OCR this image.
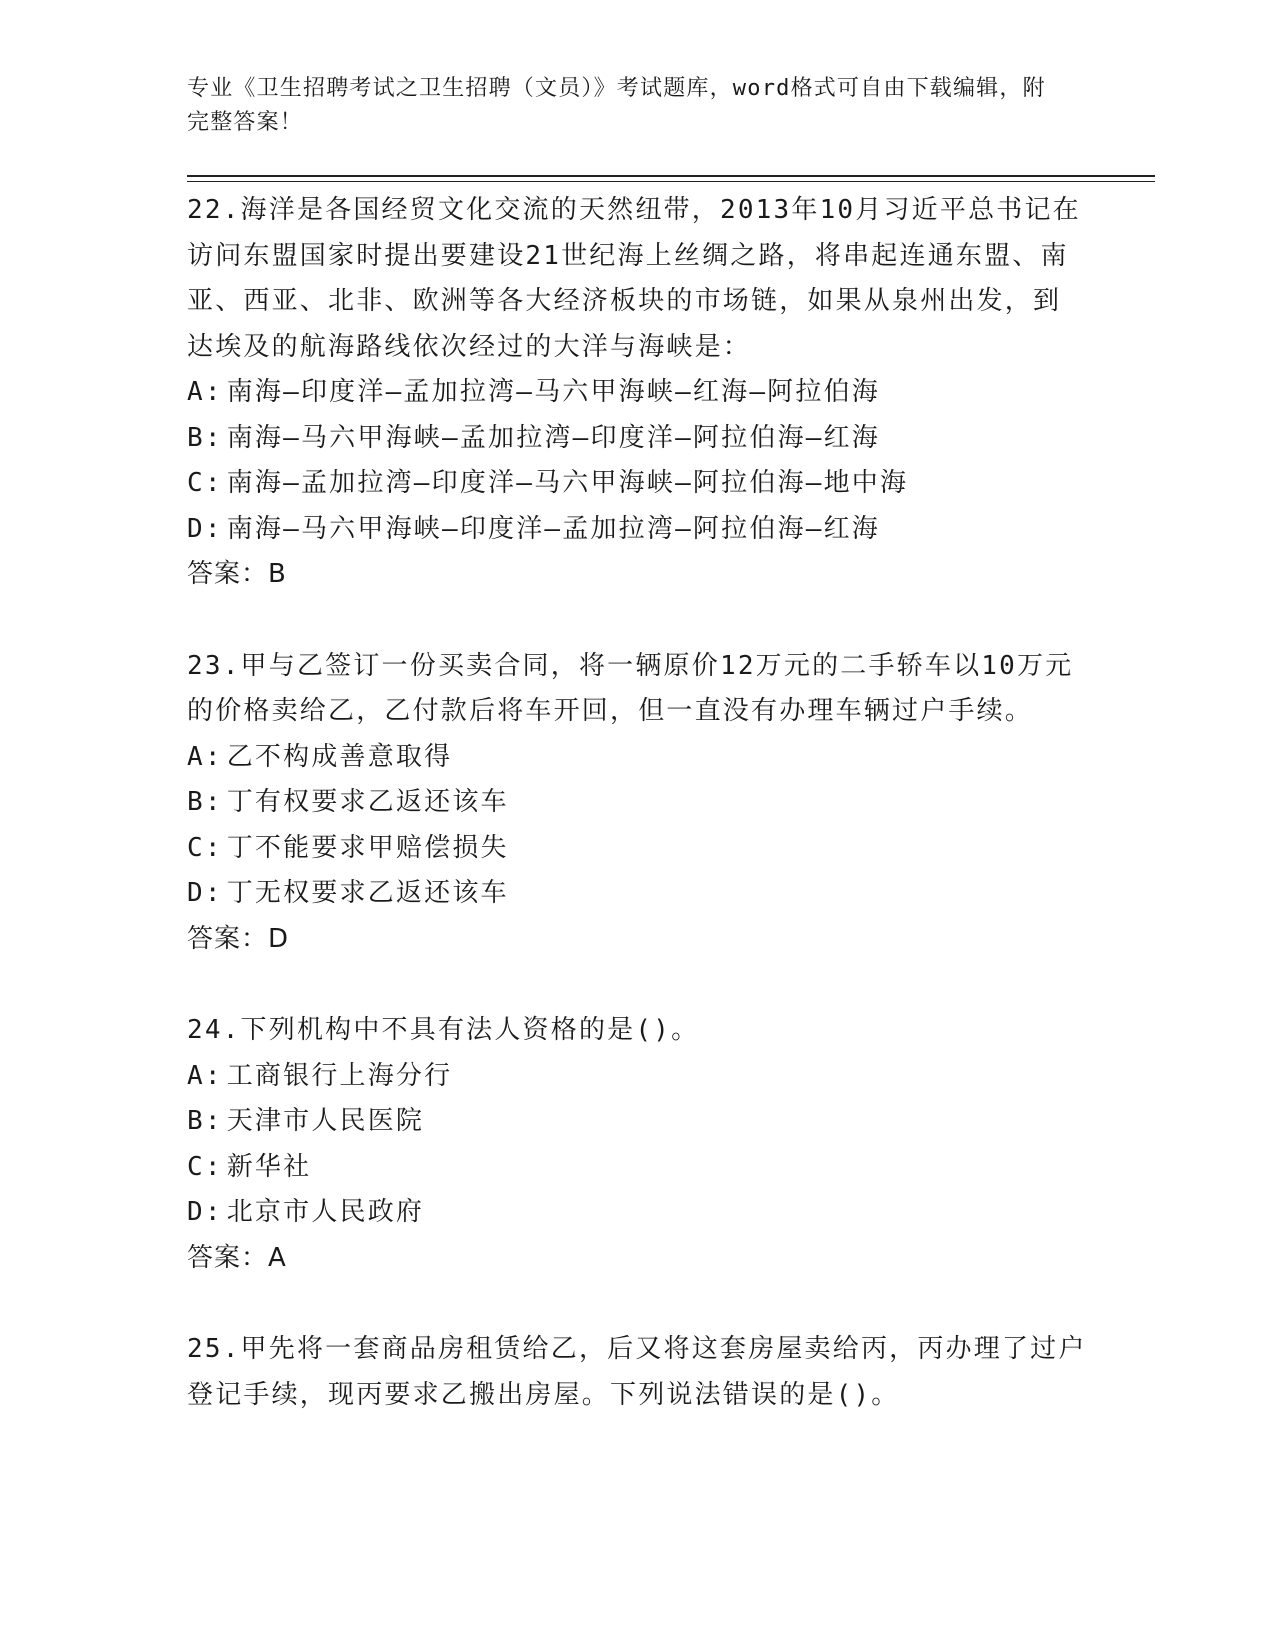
专业《卫生招聘考试之卫生招聘（文员）》考试题库，word格式可自由下载编辑，附完整答案！

22.海洋是各国经贸文化交流的天然纽带，2013年10月习近平总书记在访问东盟国家时提出要建设21世纪海上丝绸之路，将串起连通东盟、南亚、西亚、北非、欧洲等各大经济板块的市场链，如果从泉州出发，到达埃及的航海路线依次经过的大洋与海峡是：

A: 南海—印度洋—孟加拉湾—马六甲海峡—红海—阿拉伯海
B: 南海—马六甲海峡—孟加拉湾—印度洋—阿拉伯海—红海
C: 南海—孟加拉湾—印度洋—马六甲海峡—阿拉伯海—地中海
D: 南海—马六甲海峡—印度洋—孟加拉湾—阿拉伯海—红海
答案：B

23.甲与乙签订一份买卖合同，将一辆原价12万元的二手轿车以10万元的价格卖给乙，乙付款后将车开回，但一直没有办理车辆过户手续。

A: 乙不构成善意取得
B: 丁有权要求乙返还该车
C: 丁不能要求甲赔偿损失
D: 丁无权要求乙返还该车
答案：D

24.下列机构中不具有法人资格的是()。

A: 工商银行上海分行
B: 天津市人民医院
C: 新华社
D: 北京市人民政府
答案：A

25.甲先将一套商品房租赁给乙，后又将这套房屋卖给丙，丙办理了过户登记手续，现丙要求乙搬出房屋。下列说法错误的是()。
